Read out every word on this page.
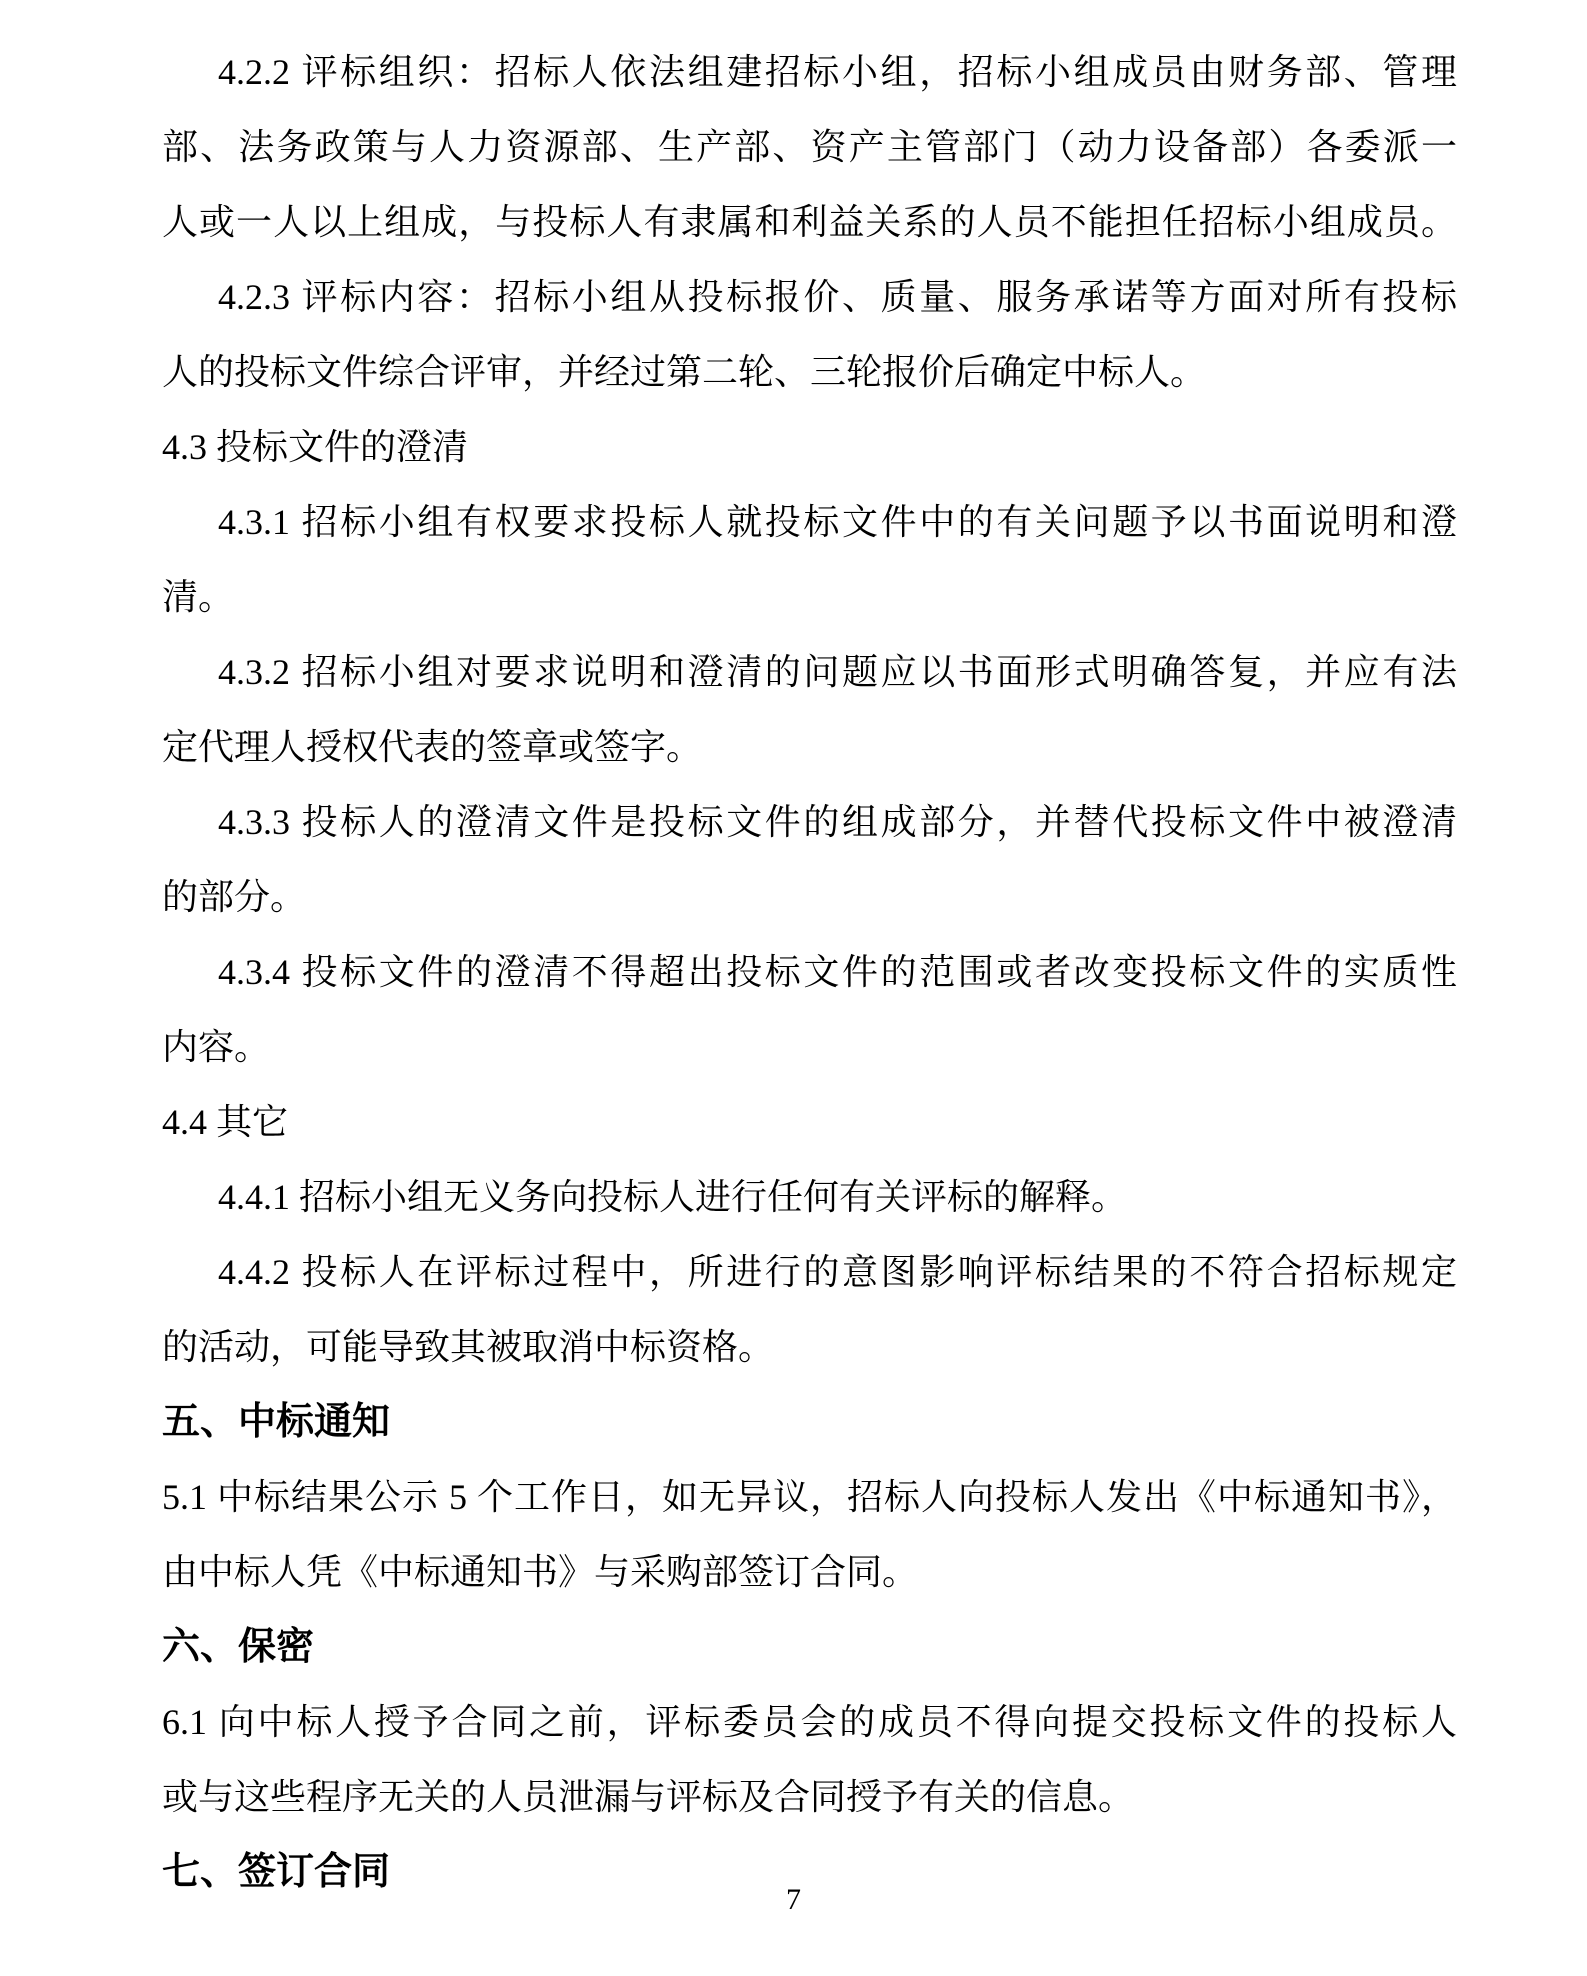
4.2.2 评标组织：招标人依法组建招标小组，招标小组成员由财务部、管理
部、法务政策与人力资源部、生产部、资产主管部门（动力设备部）各委派一
人或一人以上组成，与投标人有隶属和利益关系的人员不能担任招标小组成员。
4.2.3 评标内容：招标小组从投标报价、质量、服务承诺等方面对所有投标
人的投标文件综合评审，并经过第二轮、三轮报价后确定中标人。
4.3 投标文件的澄清
4.3.1 招标小组有权要求投标人就投标文件中的有关问题予以书面说明和澄
清。
4.3.2 招标小组对要求说明和澄清的问题应以书面形式明确答复，并应有法
定代理人授权代表的签章或签字。
4.3.3 投标人的澄清文件是投标文件的组成部分，并替代投标文件中被澄清
的部分。
4.3.4 投标文件的澄清不得超出投标文件的范围或者改变投标文件的实质性
内容。
4.4 其它
4.4.1 招标小组无义务向投标人进行任何有关评标的解释。
4.4.2 投标人在评标过程中，所进行的意图影响评标结果的不符合招标规定
的活动，可能导致其被取消中标资格。
五、中标通知
5.1 中标结果公示 5 个工作日，如无异议，招标人向投标人发出《中标通知书》，
由中标人凭《中标通知书》与采购部签订合同。
六、保密
6.1 向中标人授予合同之前，评标委员会的成员不得向提交投标文件的投标人
或与这些程序无关的人员泄漏与评标及合同授予有关的信息。
七、签订合同
7
